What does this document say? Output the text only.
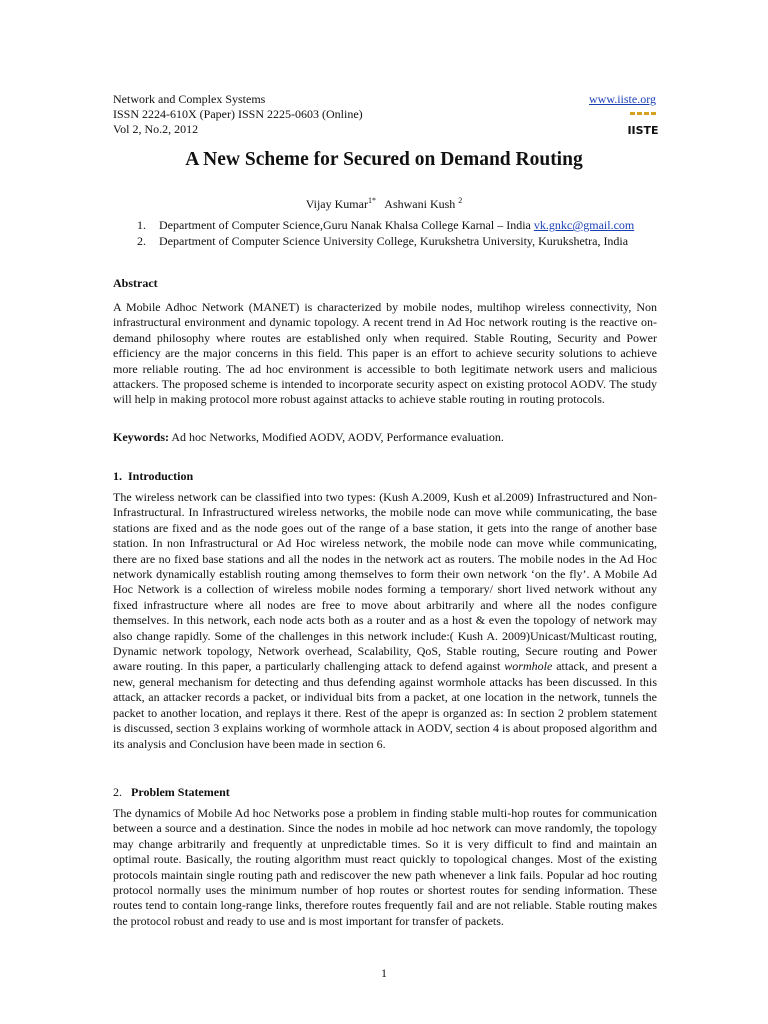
Network and Complex Systems
ISSN 2224-610X (Paper) ISSN 2225-0603 (Online)
Vol 2, No.2, 2012
www.iiste.org
IISTE
A New Scheme for Secured on Demand Routing
Vijay Kumar$^{1*}$ Ashwani Kush $^2$
1. Department of Computer Science,Guru Nanak Khalsa College Karnal – India vk.gnkc@gmail.com
2. Department of Computer Science University College, Kurukshetra University, Kurukshetra, India
Abstract
A Mobile Adhoc Network (MANET) is characterized by mobile nodes, multihop wireless connectivity, Non infrastructural environment and dynamic topology. A recent trend in Ad Hoc network routing is the reactive on-demand philosophy where routes are established only when required. Stable Routing, Security and Power efficiency are the major concerns in this field. This paper is an effort to achieve security solutions to achieve more reliable routing. The ad hoc environment is accessible to both legitimate network users and malicious attackers. The proposed scheme is intended to incorporate security aspect on existing protocol AODV. The study will help in making protocol more robust against attacks to achieve stable routing in routing protocols.
Keywords: Ad hoc Networks, Modified AODV, AODV, Performance evaluation.
1. Introduction
The wireless network can be classified into two types: (Kush A.2009, Kush et al.2009) Infrastructured and Non-Infrastructural. In Infrastructured wireless networks, the mobile node can move while communicating, the base stations are fixed and as the node goes out of the range of a base station, it gets into the range of another base station. In non Infrastructural or Ad Hoc wireless network, the mobile node can move while communicating, there are no fixed base stations and all the nodes in the network act as routers. The mobile nodes in the Ad Hoc network dynamically establish routing among themselves to form their own network ‘on the fly’. A Mobile Ad Hoc Network is a collection of wireless mobile nodes forming a temporary/ short lived network without any fixed infrastructure where all nodes are free to move about arbitrarily and where all the nodes configure themselves. In this network, each node acts both as a router and as a host & even the topology of network may also change rapidly. Some of the challenges in this network include:( Kush A. 2009)Unicast/Multicast routing, Dynamic network topology, Network overhead, Scalability, QoS, Stable routing, Secure routing and Power aware routing. In this paper, a particularly challenging attack to defend against wormhole attack, and present a new, general mechanism for detecting and thus defending against wormhole attacks has been discussed. In this attack, an attacker records a packet, or individual bits from a packet, at one location in the network, tunnels the packet to another location, and replays it there. Rest of the apepr is organzed as: In section 2 problem statement is discussed, section 3 explains working of wormhole attack in AODV, section 4 is about proposed algorithm and its analysis and Conclusion have been made in section 6.
2. Problem Statement
The dynamics of Mobile Ad hoc Networks pose a problem in finding stable multi-hop routes for communication between a source and a destination. Since the nodes in mobile ad hoc network can move randomly, the topology may change arbitrarily and frequently at unpredictable times. So it is very difficult to find and maintain an optimal route. Basically, the routing algorithm must react quickly to topological changes. Most of the existing protocols maintain single routing path and rediscover the new path whenever a link fails. Popular ad hoc routing protocol normally uses the minimum number of hop routes or shortest routes for sending information. These routes tend to contain long-range links, therefore routes frequently fail and are not reliable. Stable routing makes the protocol robust and ready to use and is most important for transfer of packets.
1
